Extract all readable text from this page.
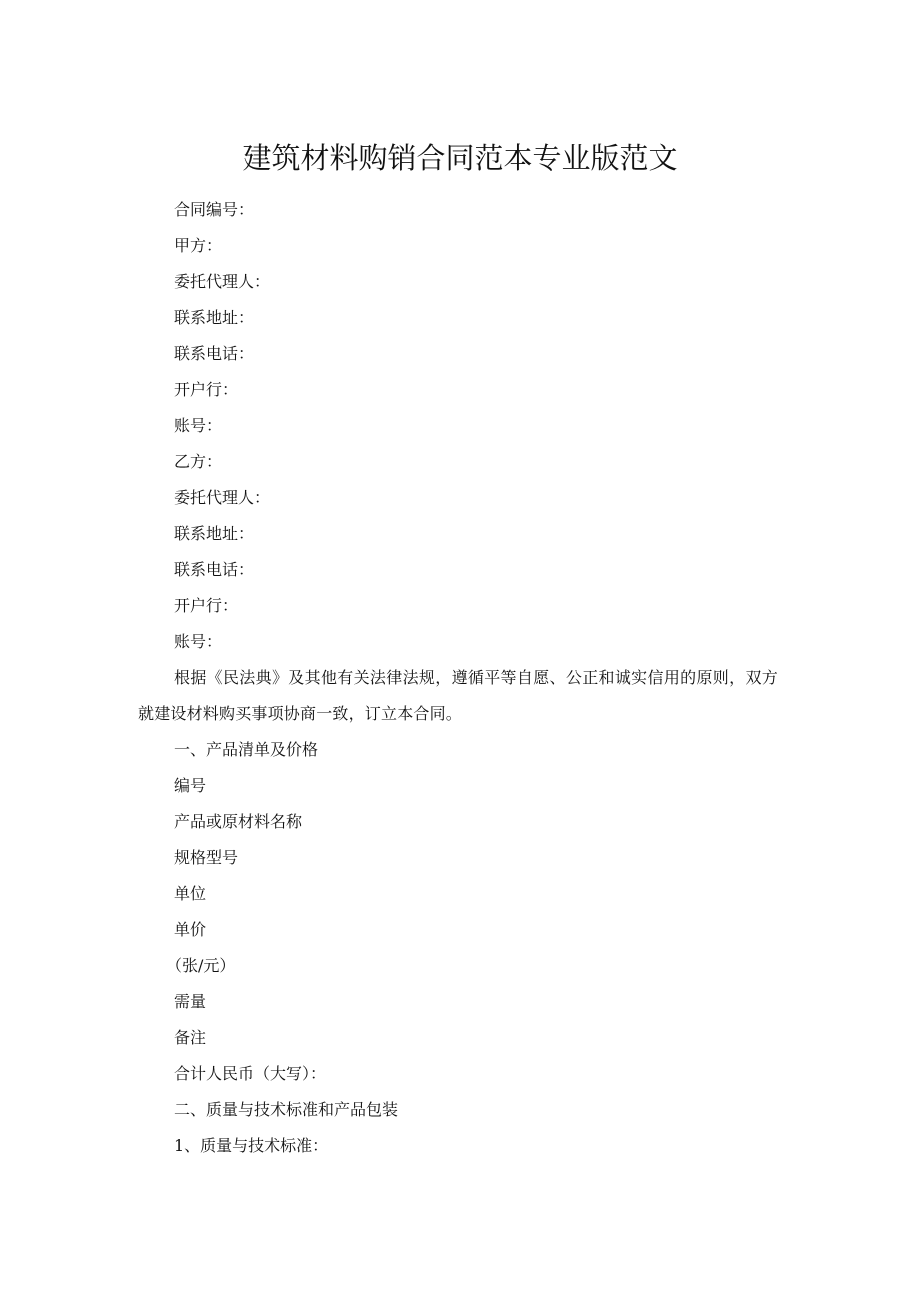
建筑材料购销合同范本专业版范文
合同编号：
甲方：
委托代理人：
联系地址：
联系电话：
开户行：
账号：
乙方：
委托代理人：
联系地址：
联系电话：
开户行：
账号：
根据《民法典》及其他有关法律法规，遵循平等自愿、公正和诚实信用的原则，双方就建设材料购买事项协商一致，订立本合同。
一、产品清单及价格
编号
产品或原材料名称
规格型号
单位
单价
（张/元）
需量
备注
合计人民币（大写）：
二、质量与技术标准和产品包装
1、质量与技术标准：
